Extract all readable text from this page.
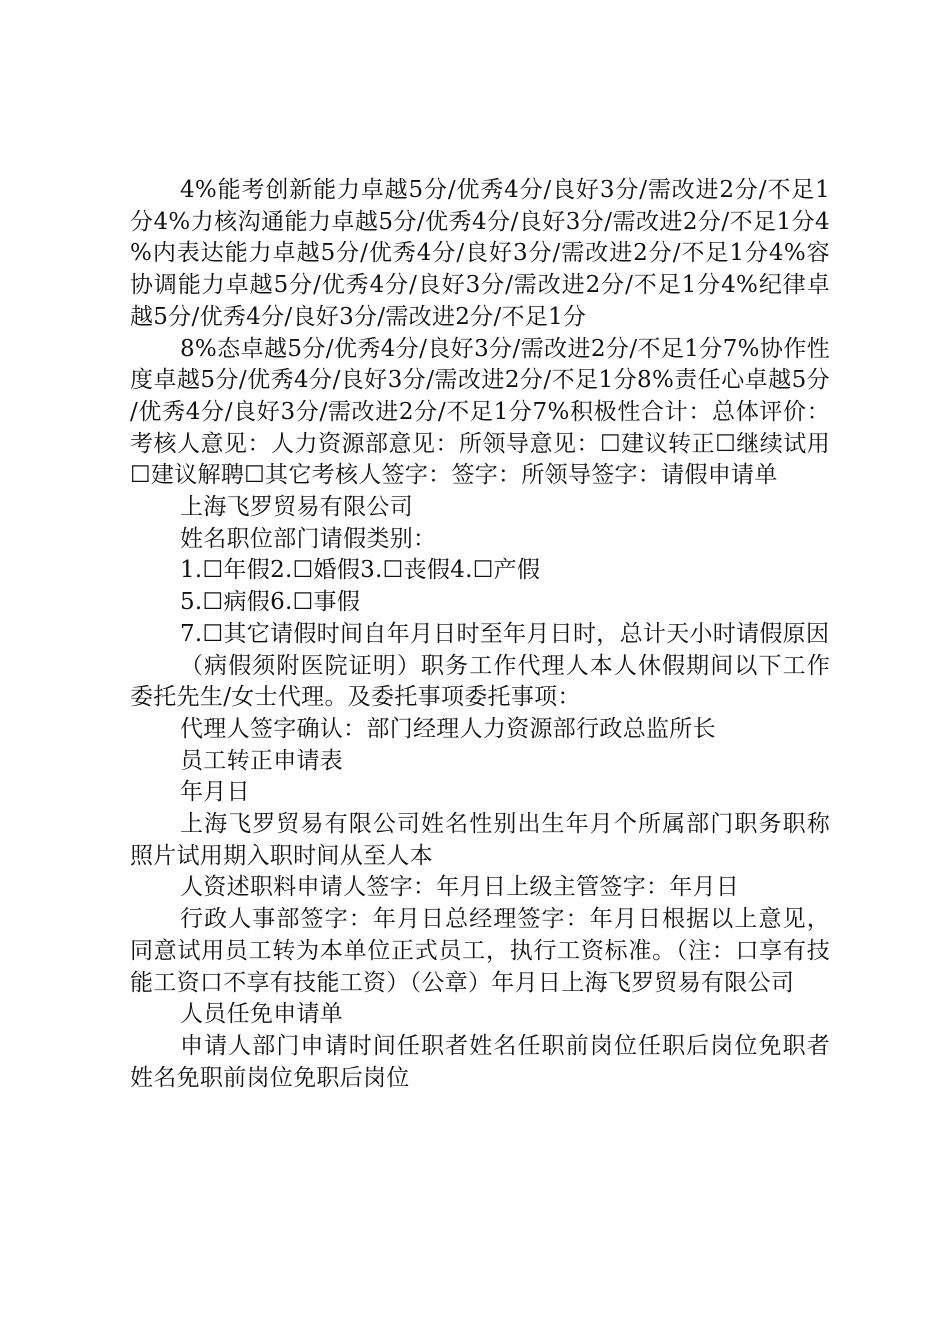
4%能考创新能力卓越5分/优秀4分/良好3分/需改进2分/不足1分4%力核沟通能力卓越5分/优秀4分/良好3分/需改进2分/不足1分4%内表达能力卓越5分/优秀4分/良好3分/需改进2分/不足1分4%容协调能力卓越5分/优秀4分/良好3分/需改进2分/不足1分4%纪律卓越5分/优秀4分/良好3分/需改进2分/不足1分

8%态卓越5分/优秀4分/良好3分/需改进2分/不足1分7%协作性度卓越5分/优秀4分/良好3分/需改进2分/不足1分8%责任心卓越5分/优秀4分/良好3分/需改进2分/不足1分7%积极性合计：总体评价：考核人意见：人力资源部意见：所领导意见：☐建议转正☐继续试用☐建议解聘☐其它考核人签字：签字：所领导签字：请假申请单

上海飞罗贸易有限公司

姓名职位部门请假类别：

1.☐年假2.☐婚假3.☐丧假4.☐产假

5.☐病假6.☐事假

7.☐其它请假时间自年月日时至年月日时，总计天小时请假原因

（病假须附医院证明）职务工作代理人本人休假期间以下工作委托先生/女士代理。及委托事项委托事项：

代理人签字确认：部门经理人力资源部行政总监所长

员工转正申请表

年月日

上海飞罗贸易有限公司姓名性别出生年月个所属部门职务职称照片试用期入职时间从至人本

人资述职料申请人签字：年月日上级主管签字：年月日

行政人事部签字：年月日总经理签字：年月日根据以上意见，同意试用员工转为本单位正式员工，执行工资标准。（注：口享有技能工资口不享有技能工资）（公章）年月日上海飞罗贸易有限公司

人员任免申请单

申请人部门申请时间任职者姓名任职前岗位任职后岗位免职者姓名免职前岗位免职后岗位
